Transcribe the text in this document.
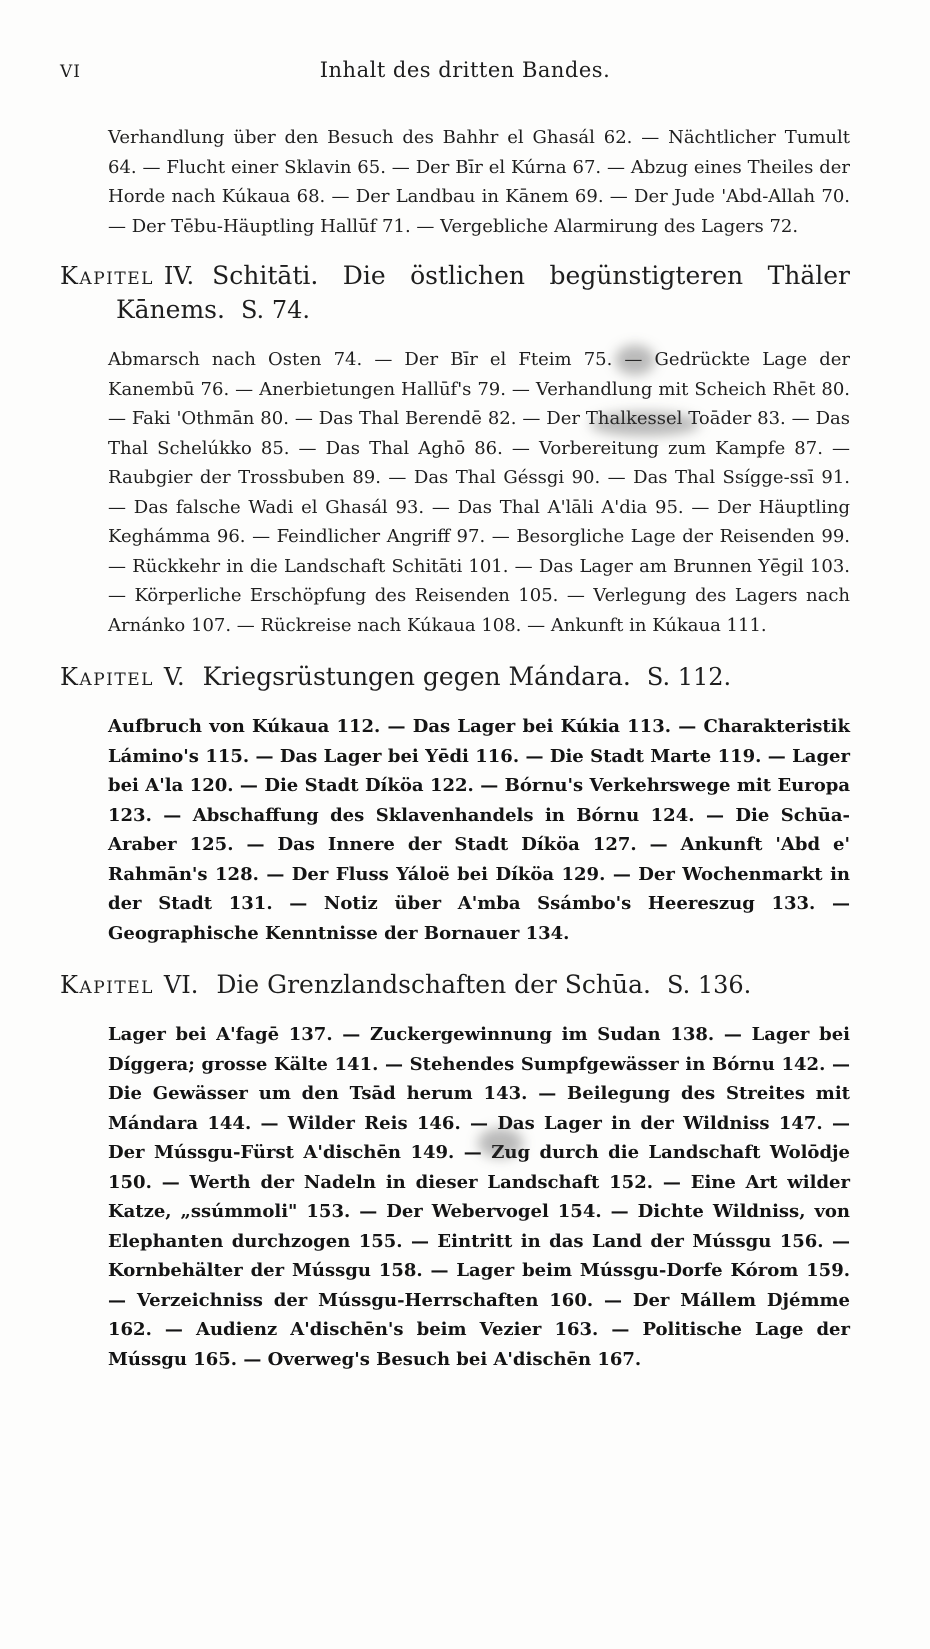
VI	Inhalt des dritten Bandes.

Verhandlung über den Besuch des Bahhr el Ghasál 62. — Nächtlicher Tumult 64. — Flucht einer Sklavin 65. — Der Bīr el Kúrna 67. — Abzug eines Theiles der Horde nach Kúkaua 68. — Der Landbau in Kānem 69. — Der Jude 'Abd-Allah 70. — Der Tēbu-Häuptling Hallūf 71. — Vergebliche Alarmirung des Lagers 72.

Kapitel IV. Schitāti. Die östlichen begünstigteren Thäler Kānems. S. 74.

Abmarsch nach Osten 74. — Der Bīr el Fteim 75. — Gedrückte Lage der Kanembū 76. — Anerbietungen Hallūf's 79. — Verhandlung mit Scheich Rhēt 80. — Faki 'Othmān 80. — Das Thal Berendē 82. — Der Thalkessel Toāder 83. — Das Thal Schelúkko 85. — Das Thal Aghō 86. — Vorbereitung zum Kampfe 87. — Raubgier der Trossbuben 89. — Das Thal Géssgi 90. — Das Thal Ssígge-ssī 91. — Das falsche Wadi el Ghasál 93. — Das Thal A'lāli A'dia 95. — Der Häuptling Keghámma 96. — Feindlicher Angriff 97. — Besorgliche Lage der Reisenden 99. — Rückkehr in die Landschaft Schitāti 101. — Das Lager am Brunnen Yēgil 103. — Körperliche Erschöpfung des Reisenden 105. — Verlegung des Lagers nach Arnánko 107. — Rückreise nach Kúkaua 108. — Ankunft in Kúkaua 111.

Kapitel V. Kriegsrüstungen gegen Mándara. S. 112.

Aufbruch von Kúkaua 112. — Das Lager bei Kúkia 113. — Charakteristik Lámino's 115. — Das Lager bei Yēdi 116. — Die Stadt Marte 119. — Lager bei A'la 120. — Die Stadt Díköa 122. — Bórnu's Verkehrswege mit Europa 123. — Abschaffung des Sklavenhandels in Bórnu 124. — Die Schūa-Araber 125. — Das Innere der Stadt Díköa 127. — Ankunft 'Abd e' Rahmān's 128. — Der Fluss Yáloë bei Díköa 129. — Der Wochenmarkt in der Stadt 131. — Notiz über A'mba Ssámbo's Heereszug 133. — Geographische Kenntnisse der Bornauer 134.

Kapitel VI. Die Grenzlandschaften der Schūa. S. 136.

Lager bei A'fagē 137. — Zuckergewinnung im Sudan 138. — Lager bei Díggera; grosse Kälte 141. — Stehendes Sumpfgewässer in Bórnu 142. — Die Gewässer um den Tsād herum 143. — Beilegung des Streites mit Mándara 144. — Wilder Reis 146. — Das Lager in der Wildniss 147. — Der Mússgu-Fürst A'dischēn 149. — Zug durch die Landschaft Wolōdje 150. — Werth der Nadeln in dieser Landschaft 152. — Eine Art wilder Katze, „ssúmmoli" 153. — Der Webervogel 154. — Dichte Wildniss, von Elephanten durchzogen 155. — Eintritt in das Land der Mússgu 156. — Kornbehälter der Mússgu 158. — Lager beim Mússgu-Dorfe Kórom 159. — Verzeichniss der Mússgu-Herrschaften 160. — Der Mállem Djémme 162. — Audienz A'dischēn's beim Vezier 163. — Politische Lage der Mússgu 165. — Overweg's Besuch bei A'dischēn 167.
